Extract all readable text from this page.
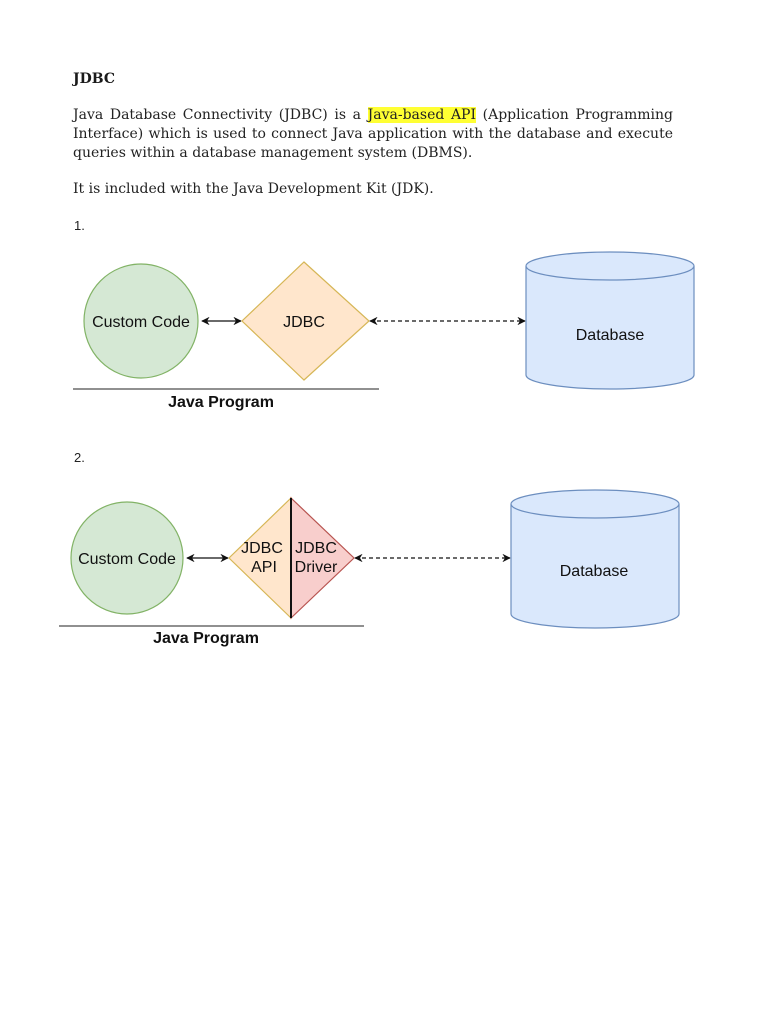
JDBC

Java Database Connectivity (JDBC) is a Java-based API (Application Programming Interface) which is used to connect Java application with the database and execute queries within a database management system (DBMS).

It is included with the Java Development Kit (JDK).

1.

Custom Code	JDBC
Database
Java Program

2.

Custom Code
JDBC
API
JDBC
Driver	Database
Java Program
